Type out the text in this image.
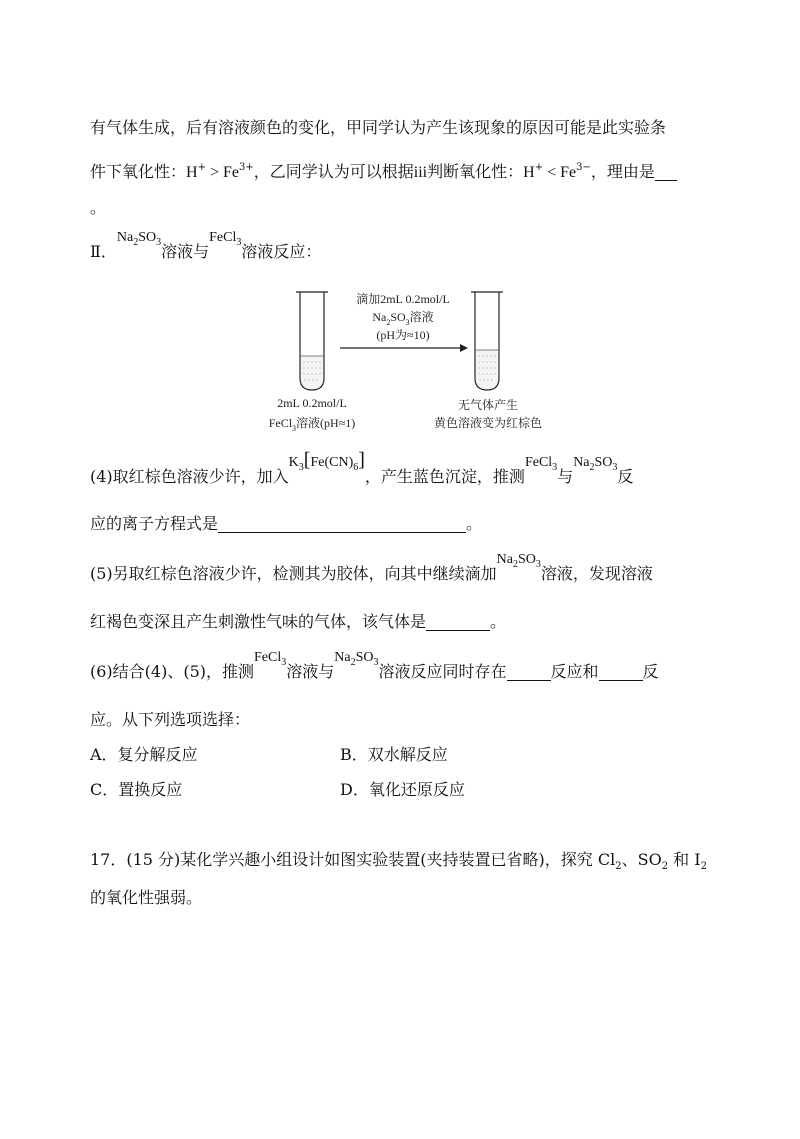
有气体生成，后有溶液颜色的变化，甲同学认为产生该现象的原因可能是此实验条
件下氧化性：$H^+ > Fe^{3+}$，乙同学认为可以根据iii判断氧化性：$H^+ < Fe^{3-}$，理由是
。
Ⅱ．$Na_2SO_3$溶液与FeCl$_3$溶液反应：
滴加2mL 0.2mol/L
$Na_2SO_3$溶液
(pH为≈10)
2mL 0.2mol/L
FeCl$_3$溶液(pH≈1)
无气体产生
黄色溶液变为红棕色
(4)取红棕色溶液少许，加入$K_3[Fe(CN)_6]$，产生蓝色沉淀，推测FeCl$_3$与$Na_2SO_3$反
应的离子方程式是	。
(5)另取红棕色溶液少许，检测其为胶体，向其中继续滴加$Na_2SO_3$溶液，发现溶液
红褐色变深且产生刺激性气味的气体，该气体是	。
(6)结合(4)、(5)，推测FeCl$_3$溶液与$Na_2SO_3$溶液反应同时存在	反应和	反
应。从下列选项选择：
A．复分解反应	B．双水解反应
C．置换反应	D．氧化还原反应
17．(15 分)某化学兴趣小组设计如图实验装置(夹持装置已省略)，探究 $Cl_2$、$SO_2$ 和 $I_2$
的氧化性强弱。
